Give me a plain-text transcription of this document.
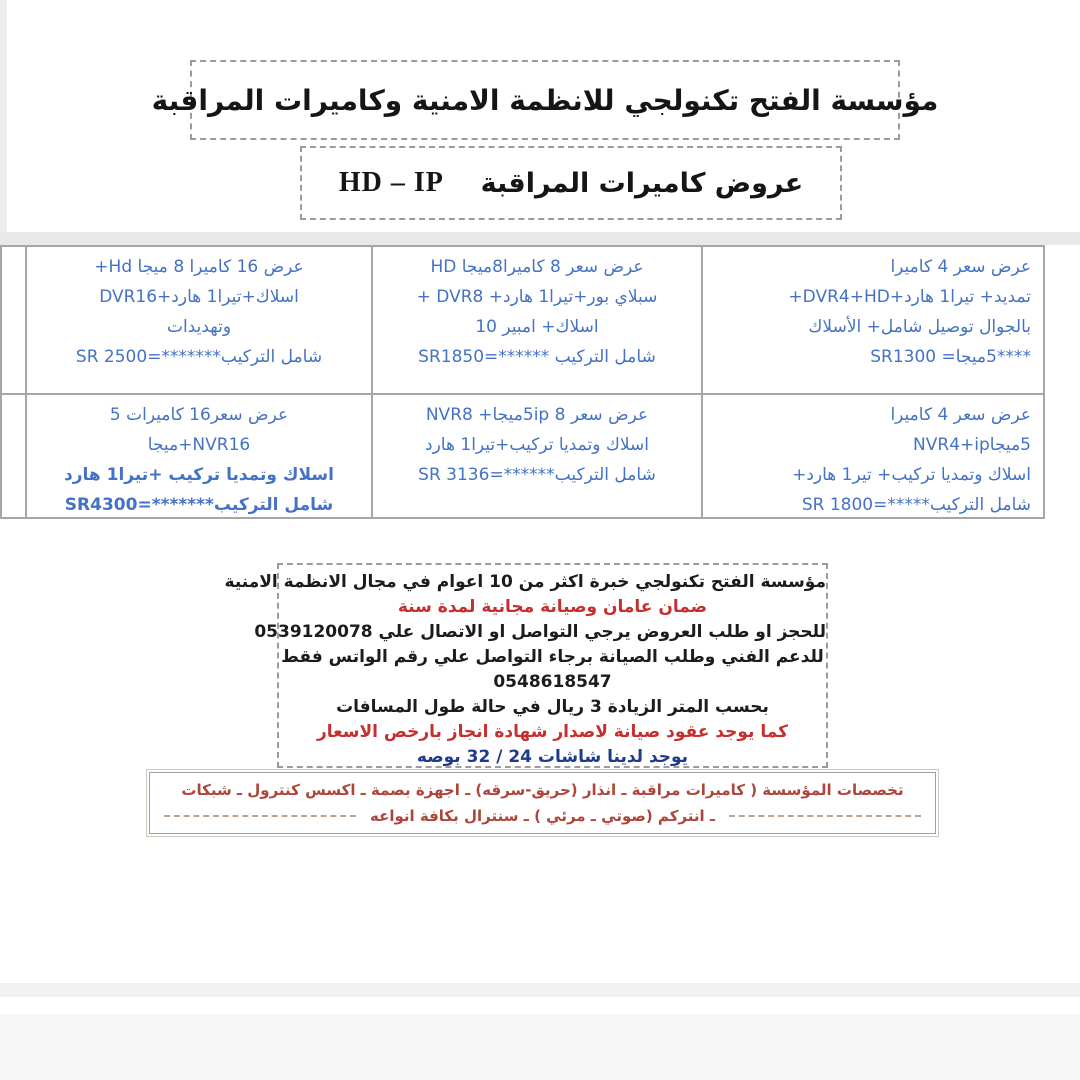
مؤسسة الفتح تكنولجي للانظمة الامنية وكاميرات المراقبة
HD – IP عروض كاميرات المراقبة
عرض 16 كاميرا 8 ميجا Hd+
DVR16+هارد‎ 1تيرا+‎اسلاك
وتهديدات
شامل التركيب*******=SR 2500
عرض سعر 8 كاميرا8ميجا HD
+ DVR8 +هارد‎ 1تيرا+‎بور‎ سبلاي
10 امبير‎ +اسلاك
شامل التركيب ******=SR1850
عرض سعر 4 كاميرا
+DVR4+HD+هارد‎ 1تيرا‎ +تمديد
الأسلاك‎ +شامل‎ توصيل‎ بالجوال
****5ميجا= SR1300
عرض سعر16 كاميرات 5
ميجا‎+NVR16
هارد‎ 1تيرا+‎ تركيب‎ وتمديا‎ اسلاك
شامل التركيب*******=SR4300
عرض سعر 5ip 8ميجا+ NVR8
هارد‎ 1تيرا+‎تركيب‎ وتمديا‎ اسلاك
شامل التركيب******=SR 3136
عرض سعر 4 كاميرا
5ميجاNVR4+ip
+هارد‎ 1تير‎ +تركيب‎ وتمديا‎ اسلاك
شامل التركيب*****=SR 1800
مؤسسة الفتح تكنولجي خبرة اكثر من 10 اعوام في مجال الانظمة الامنية
ضمان عامان وصيانة مجانية لمدة سنة
للحجز او طلب العروض يرجي التواصل او الاتصال علي 0539120078
للدعم الفني وطلب الصيانة برجاء التواصل علي رقم الواتس فقط
0548618547
بحسب المتر الزيادة 3 ريال في حالة طول المسافات
كما يوجد عقود صيانة لاصدار شهادة انجاز بارخص الاسعار
يوجد لدينا شاشات 24 / 32 بوصه
تخصصات المؤسسة ( كاميرات مراقبة ـ انذار (حريق-سرقه) ـ اجهزة بصمة ـ اكسس كنترول ـ شبكات
ـ انتركم (صوتي ـ مرئي ) ـ سنترال بكافة انواعه
